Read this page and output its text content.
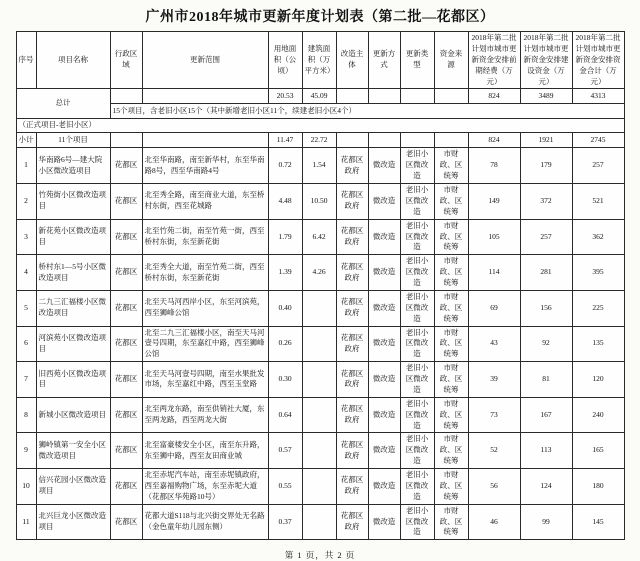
广州市2018年城市更新年度计划表（第二批—花都区）
序号	项目名称	行政区域	更新范围	用地面积（公顷）	建筑面积（万平方米）	改造主体	更新方式	更新类型	资金来源	2018年第二批计划市城市更新资金安排前期经费（万元）	2018年第二批计划市城市更新资金安排建设资金（万元）	2018年第二批计划市城市更新资金安排资金合计（万元）
总计				20.53	45.09					824	3489	4313
		15个项目，含老旧小区15个（其中新增老旧小区11个，续建老旧小区4个）										
（正式项目-老旧小区）												
小计	11个项目			11.47	22.72					824	1921	2745
1	华南路6号—建大院小区微改造项目	花都区	北至华南路，南至新华村，东至华南路8号，西至华南路4号	0.72	1.54	花都区政府	微改造	老旧小区微改造	市财政、区统筹	78	179	257
2	竹苑街小区微改造项目	花都区	北至秀全路，南至商业大道，东至桥村东街，西至花城路	4.48	10.50	花都区政府	微改造	老旧小区微改造	市财政、区统筹	149	372	521
3	新花苑小区微改造项目	花都区	北至竹苑二街，南至竹苑一街，西至桥村东街，东至新花街	1.79	6.42	花都区政府	微改造	老旧小区微改造	市财政、区统筹	105	257	362
4	桥村东1—5号小区微改造项目	花都区	北至秀全大道，南至竹苑二街，西至桥村东街，东至新花街	1.39	4.26	花都区政府	微改造	老旧小区微改造	市财政、区统筹	114	281	395
5	二九三汇福楼小区微改造项目	花都区	北至天马河西岸小区，东至河滨苑，西至狮峰公馆	0.40		花都区政府	微改造	老旧小区微改造	市财政、区统筹	69	156	225
6	河滨苑小区微改造项目	花都区	北至二九三汇福楼小区，南至天马河壹号四期，东至嘉红中路，西至狮峰公馆	0.26		花都区政府	微改造	老旧小区微改造	市财政、区统筹	43	92	135
7	旧西苑小区微改造项目	花都区	北至天马河壹号四期，南至水果批发市场，东至嘉红中路，西至玉堂路	0.30		花都区政府	微改造	老旧小区微改造	市财政、区统筹	39	81	120
8	新城小区微改造项目	花都区	北至两龙东路，南至供销社大厦，东至两龙路，西至两龙大街	0.64		花都区政府	微改造	老旧小区微改造	市财政、区统筹	73	167	240
9	狮岭镇第一安全小区微改造项目	花都区	北至富豪楼安全小区，南至东升路，东至狮中路，西至友田商业城	0.57		花都区政府	微改造	老旧小区微改造	市财政、区统筹	52	113	165
10	信兴花园小区微改造项目	花都区	北至赤坭汽车站，南至赤坭镇政府，西至嘉福购物广场，东至赤坭大道（花都区华苑路10号）	0.55		花都区政府	微改造	老旧小区微改造	市财政、区统筹	56	124	180
11	北兴巨龙小区微改造项目	花都区	花都大道S118与北兴街交界处无名路（金色童年幼儿园东侧）	0.37		花都区政府	微改造	老旧小区微改造	市财政、区统筹	46	99	145
第 1 页，共 2 页
